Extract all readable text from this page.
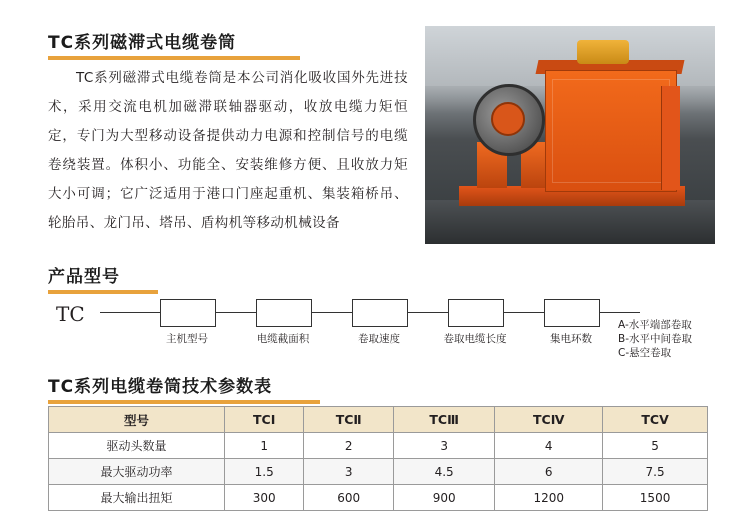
TC系列磁滞式电缆卷筒
TC系列磁滞式电缆卷筒是本公司消化吸收国外先进技术，采用交流电机加磁滞联轴器驱动，收放电缆力矩恒定，专门为大型移动设备提供动力电源和控制信号的电缆卷绕装置。体积小、功能全、安装维修方便、且收放力矩大小可调；它广泛适用于港口门座起重机、集装箱桥吊、轮胎吊、龙门吊、塔吊、盾构机等移动机械设备
产品型号
TC
主机型号	电缆截面积	卷取速度	卷取电缆长度	集电环数
A-水平端部卷取
B-水平中间卷取
C-悬空卷取
TC系列电缆卷筒技术参数表
型号	TCⅠ	TCⅡ	TCⅢ	TCⅣ	TCⅤ
驱动头数量	1	2	3	4	5
最大驱动功率	1.5	3	4.5	6	7.5
最大输出扭矩	300	600	900	1200	1500
